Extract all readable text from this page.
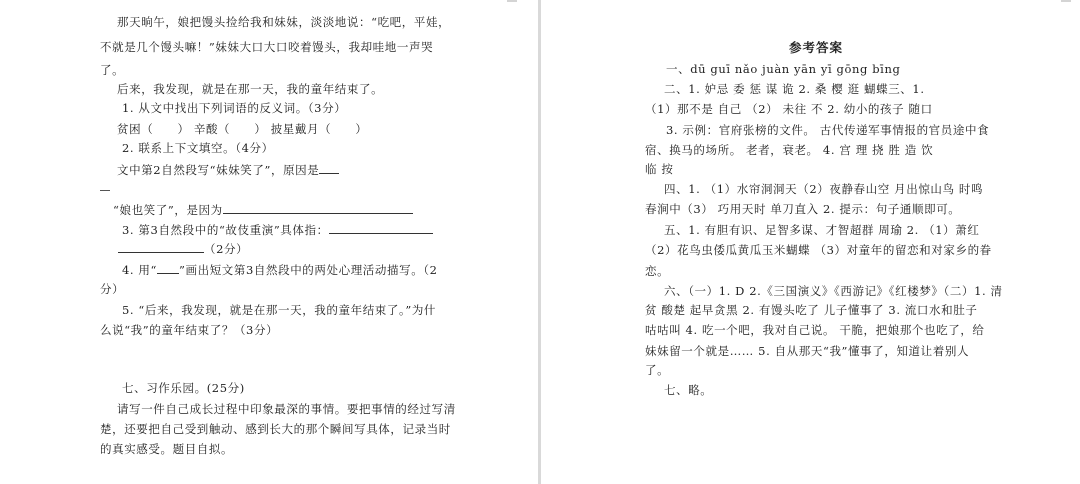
那天晌午，娘把馒头捡给我和妹妹，淡淡地说：“吃吧，平娃，
不就是几个馒头嘛！”妹妹大口大口咬着馒头，我却哇地一声哭
了。
后来，我发现，就是在那一天，我的童年结束了。
1. 从文中找出下列词语的反义词。（3分）
贫困（　　） 辛酸（　　） 披星戴月（　　）
2. 联系上下文填空。（4分）
文中第2自然段写“妹妹笑了”，原因是
“娘也笑了”，是因为
3. 第3自然段中的“故伎重演”具体指：
（2分）
4. 用“ ”画出短文第3自然段中的两处心理活动描写。（2
分）
5. “后来，我发现，就是在那一天，我的童年结束了。”为什
么说“我”的童年结束了？（3分）
七、习作乐园。(25分)
请写一件自己成长过程中印象最深的事情。要把事情的经过写清
楚，还要把自己受到触动、感到长大的那个瞬间写具体，记录当时
的真实感受。题目自拟。
参考答案
一、dū guī nǎo juàn yān yī gōng bīng
二、1. 妒忌 委 惩 谋 诡 2. 桑 樱 逛 蝴蝶三、1.
（1）那不是 自己 （2） 未往 不 2. 幼小的孩子 随口
3. 示例：官府张榜的文件。 古代传递军事情报的官员途中食
宿、换马的场所。 老者，衰老。 4. 宫 理 挠 胜 造 饮
临 按
四、1. （1）水帘洞洞天（2）夜静春山空 月出惊山鸟 时鸣
春涧中（3） 巧用天时 单刀直入 2. 提示：句子通顺即可。
五、1. 有胆有识、足智多谋、才智超群 周瑜 2. （1）萧红
（2）花鸟虫倭瓜黄瓜玉米蝴蝶 （3）对童年的留恋和对家乡的眷
恋。
六、（一）1. D 2.《三国演义》《西游记》《红楼梦》（二）1. 清
贫 酸楚 起早贪黑 2. 有馒头吃了 儿子懂事了 3. 流口水和肚子
咕咕叫 4. 吃一个吧，我对自己说。 干脆，把娘那个也吃了，给
妹妹留一个就是…… 5. 自从那天“我”懂事了，知道让着别人
了。
七、略。
